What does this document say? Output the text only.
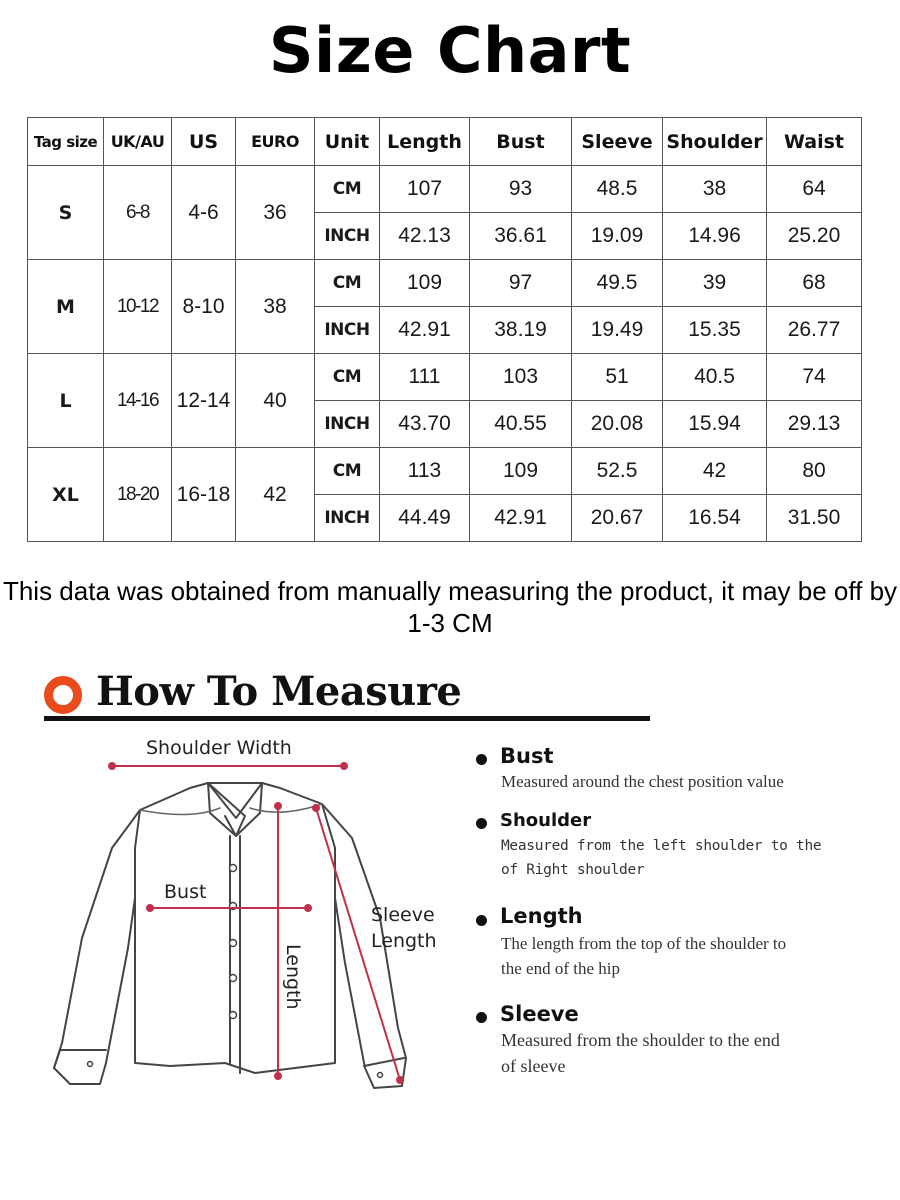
Size Chart
Tag size	UK/AU	US	EURO	Unit	Length	Bust	Sleeve	Shoulder	Waist
S	6-8	4-6	36	CM	107	93	48.5	38	64
				INCH	42.13	36.61	19.09	14.96	25.20
M	10-12	8-10	38	CM	109	97	49.5	39	68
				INCH	42.91	38.19	19.49	15.35	26.77
L	14-16	12-14	40	CM	111	103	51	40.5	74
				INCH	43.70	40.55	20.08	15.94	29.13
XL	18-20	16-18	42	CM	113	109	52.5	42	80
				INCH	44.49	42.91	20.67	16.54	31.50
This data was obtained from manually measuring the product, it may be off by 1-3 CM
How To Measure
Shoulder Width
Bust
Sleeve
Length
Length
Bust
Measured around the chest position value
Shoulder
Measured from the left shoulder to the
of Right shoulder
Length
The length from the top of the shoulder to
the end of the hip
Sleeve
Measured from the shoulder to the end
of sleeve
